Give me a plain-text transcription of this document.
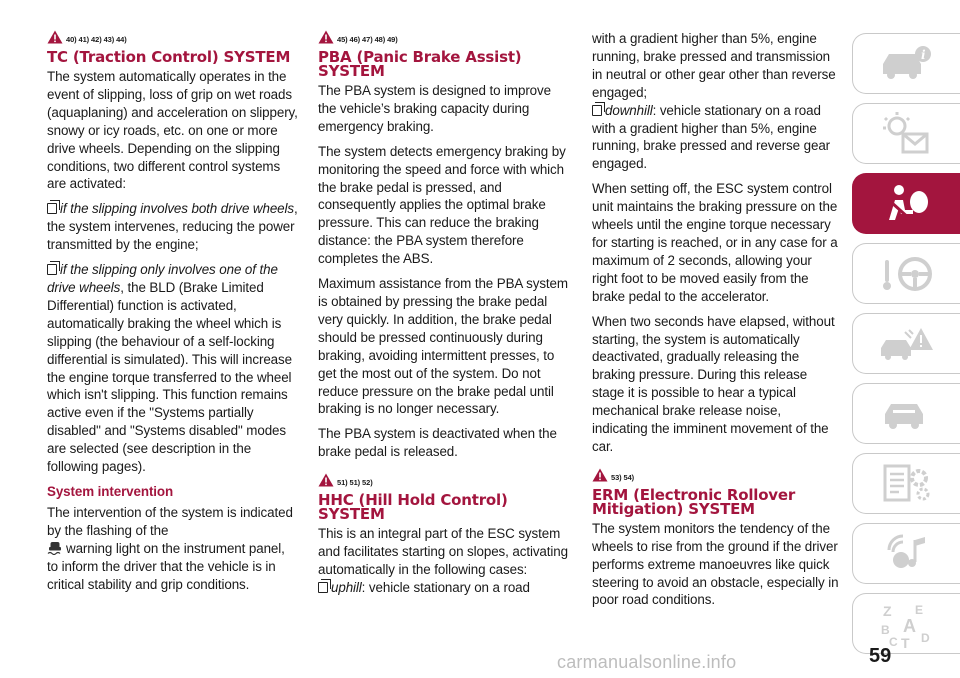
40) 41) 42) 43) 44)
TC (Traction Control) SYSTEM

The system automatically operates in the event of slipping, loss of grip on wet roads (aquaplaning) and acceleration on slippery, snowy or icy roads, etc. on one or more drive wheels. Depending on the slipping conditions, two different control systems are activated:

if the slipping involves both drive wheels, the system intervenes, reducing the power transmitted by the engine;

if the slipping only involves one of the drive wheels, the BLD (Brake Limited Differential) function is activated, automatically braking the wheel which is slipping (the behaviour of a self-locking differential is simulated). This will increase the engine torque transferred to the wheel which isn't slipping. This function remains active even if the "Systems partially disabled" and "Systems disabled" modes are selected (see description in the following pages).

System intervention

The intervention of the system is indicated by the flashing of the
warning light on the instrument panel, to inform the driver that the vehicle is in critical stability and grip conditions.

45) 46) 47) 48) 49)
PBA (Panic Brake Assist) SYSTEM

The PBA system is designed to improve the vehicle’s braking capacity during emergency braking.

The system detects emergency braking by monitoring the speed and force with which the brake pedal is pressed, and consequently applies the optimal brake pressure. This can reduce the braking distance: the PBA system therefore completes the ABS.

Maximum assistance from the PBA system is obtained by pressing the brake pedal very quickly. In addition, the brake pedal should be pressed continuously during braking, avoiding intermittent presses, to get the most out of the system. Do not reduce pressure on the brake pedal until braking is no longer necessary.

The PBA system is deactivated when the brake pedal is released.

51) 51) 52)
HHC (Hill Hold Control) SYSTEM

This is an integral part of the ESC system and facilitates starting on slopes, activating automatically in the following cases:

uphill: vehicle stationary on a road

with a gradient higher than 5%, engine running, brake pressed and transmission in neutral or other gear other than reverse engaged;

downhill: vehicle stationary on a road with a gradient higher than 5%, engine running, brake pressed and reverse gear engaged.

When setting off, the ESC system control unit maintains the braking pressure on the wheels until the engine torque necessary for starting is reached, or in any case for a maximum of 2 seconds, allowing your right foot to be moved easily from the brake pedal to the accelerator.

When two seconds have elapsed, without starting, the system is automatically deactivated, gradually releasing the braking pressure. During this release stage it is possible to hear a typical mechanical brake release noise, indicating the imminent movement of the car.

53) 54)
ERM (Electronic Rollover Mitigation) SYSTEM

The system monitors the tendency of the wheels to rise from the ground if the driver performs extreme manoeuvres like quick steering to avoid an obstacle, especially in poor road conditions.

i
Z E
A
B
C T D
carmanualsonline.info	59
